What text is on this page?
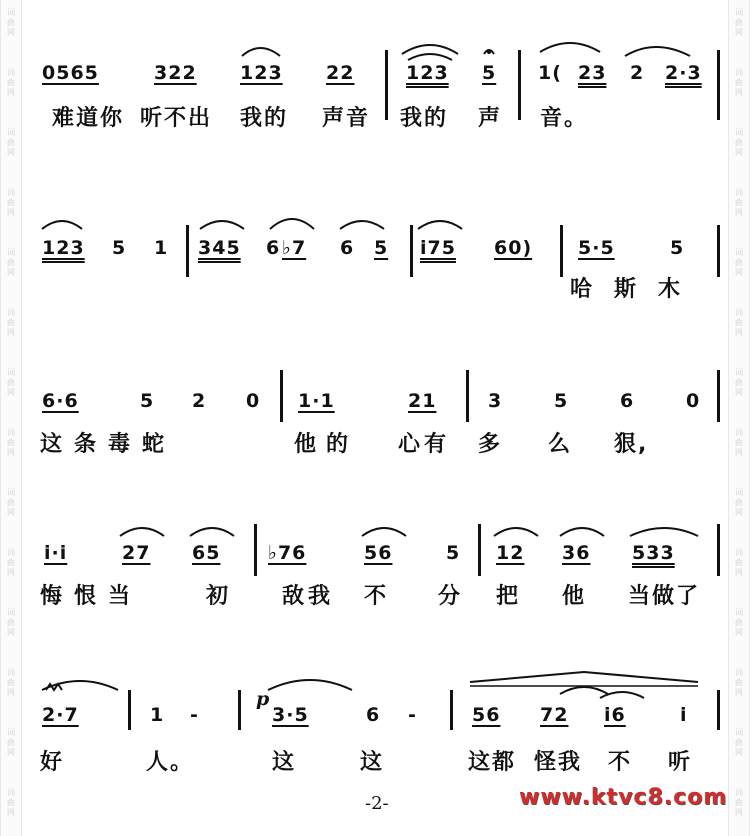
词
曲
网
词
曲
网
词
曲
网
词
曲
网
词
曲
网
词
曲
网
词
曲
网
词
曲
网
词
曲
网
词
曲
网
词
曲
网
词
曲
网
词
曲
网
词
曲
网
词
曲
网
词
曲
网
词
曲
网
词
曲
网
词
曲
网
词
曲
网
词
曲
网
词
曲
网
词
曲
网
词
曲
网
词
曲
网
词
曲
网
词
曲
网
词
曲
网
0565	322 123 22	123 5 1( 23 2 2·3
难道你 听不出 我的 声音 我的 声 音。
123 5 1 345 6 ♭7 6 5 i75 60) 5·5	5
哈斯木
6·6	5 2 0 1·1	21	3	5	6	0
这条毒蛇	他的 心有 多 么 狠,
i·i	27 65	♭76	56	5 12 36 533
悔恨当	初 敌我 不 分 把 他 当做了
2·7	1 -
p
3·5	6 -	56 72 i6	i
好	人。	这	这	这都 怪我 不 听
-2-	www.ktvc8.com
